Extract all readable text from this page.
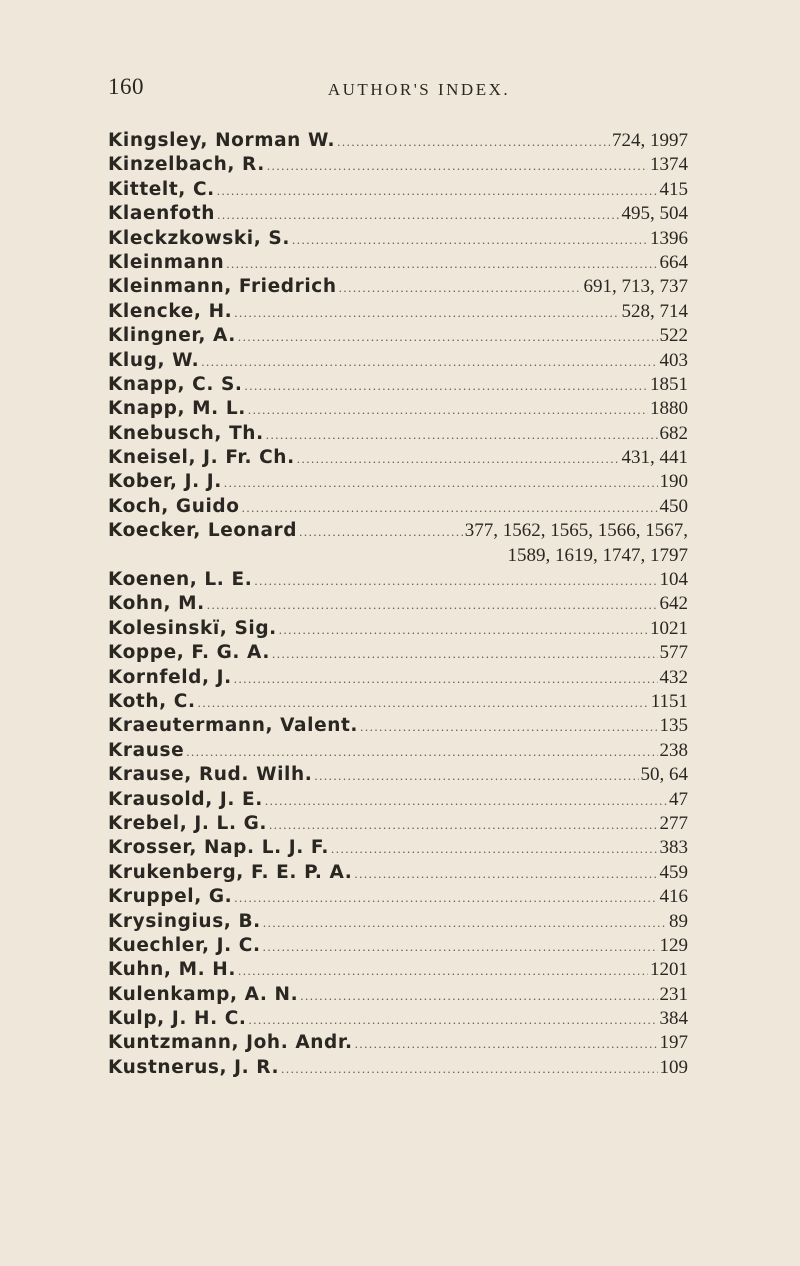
160	AUTHOR'S INDEX.
Kingsley, Norman W. .....	724, 1997
Kinzelbach, R. .....	1374
Kittelt, C. .....	415
Klaenfoth .....	495, 504
Kleckzkowski, S. .....	1396
Kleinmann .....	664
Kleinmann, Friedrich .....	691, 713, 737
Klencke, H. .....	528, 714
Klingner, A. .....	522
Klug, W. .....	403
Knapp, C. S. .....	1851
Knapp, M. L. .....	1880
Knebusch, Th. .....	682
Kneisel, J. Fr. Ch. .....	431, 441
Kober, J. J. .....	190
Koch, Guido .....	450
Koecker, Leonard .....	377, 1562, 1565, 1566, 1567,
1589, 1619, 1747, 1797
Koenen, L. E. .....	104
Kohn, M. .....	642
Kolesinskï, Sig. .....	1021
Koppe, F. G. A. .....	577
Kornfeld, J. .....	432
Koth, C. .....	1151
Kraeutermann, Valent. .....	135
Krause .....	238
Krause, Rud. Wilh. .....	50, 64
Krausold, J. E. .....	47
Krebel, J. L. G. .....	277
Krosser, Nap. L. J. F. .....	383
Krukenberg, F. E. P. A. .....	459
Kruppel, G. .....	416
Krysingius, B. .....	89
Kuechler, J. C. .....	129
Kuhn, M. H. .....	1201
Kulenkamp, A. N. .....	231
Kulp, J. H. C. .....	384
Kuntzmann, Joh. Andr. .....	197
Kustnerus, J. R. .....	109
